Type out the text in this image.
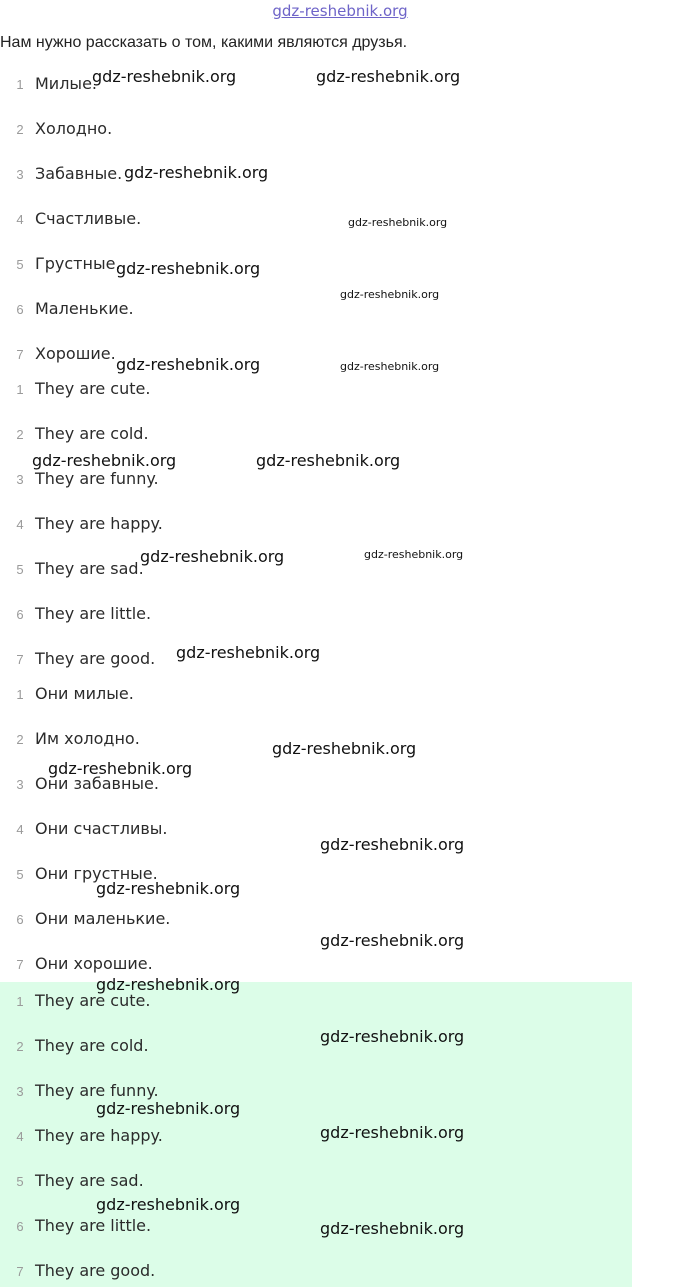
gdz-reshebnik.org
Нам нужно рассказать о том, какими являются друзья.
1 Милые.
2 Холодно.
3 Забавные.
4 Счастливые.
5 Грустные.
6 Маленькие.
7 Хорошие.
1 They are cute.
2 They are cold.
3 They are funny.
4 They are happy.
5 They are sad.
6 They are little.
7 They are good.
1 Они милые.
2 Им холодно.
3 Они забавные.
4 Они счастливы.
5 Они грустные.
6 Они маленькие.
7 Они хорошие.
1 They are cute.
2 They are cold.
3 They are funny.
4 They are happy.
5 They are sad.
6 They are little.
7 They are good.
gdz-reshebnik.org	gdz-reshebnik.org
gdz-reshebnik.org
gdz-reshebnik.org
gdz-reshebnik.org
gdz-reshebnik.org
gdz-reshebnik.org	gdz-reshebnik.org
gdz-reshebnik.org	gdz-reshebnik.org
gdz-reshebnik.org	gdz-reshebnik.org
gdz-reshebnik.org
gdz-reshebnik.org
gdz-reshebnik.org
gdz-reshebnik.org
gdz-reshebnik.org
gdz-reshebnik.org
gdz-reshebnik.org
gdz-reshebnik.org
gdz-reshebnik.org
gdz-reshebnik.org
gdz-reshebnik.org
gdz-reshebnik.org
